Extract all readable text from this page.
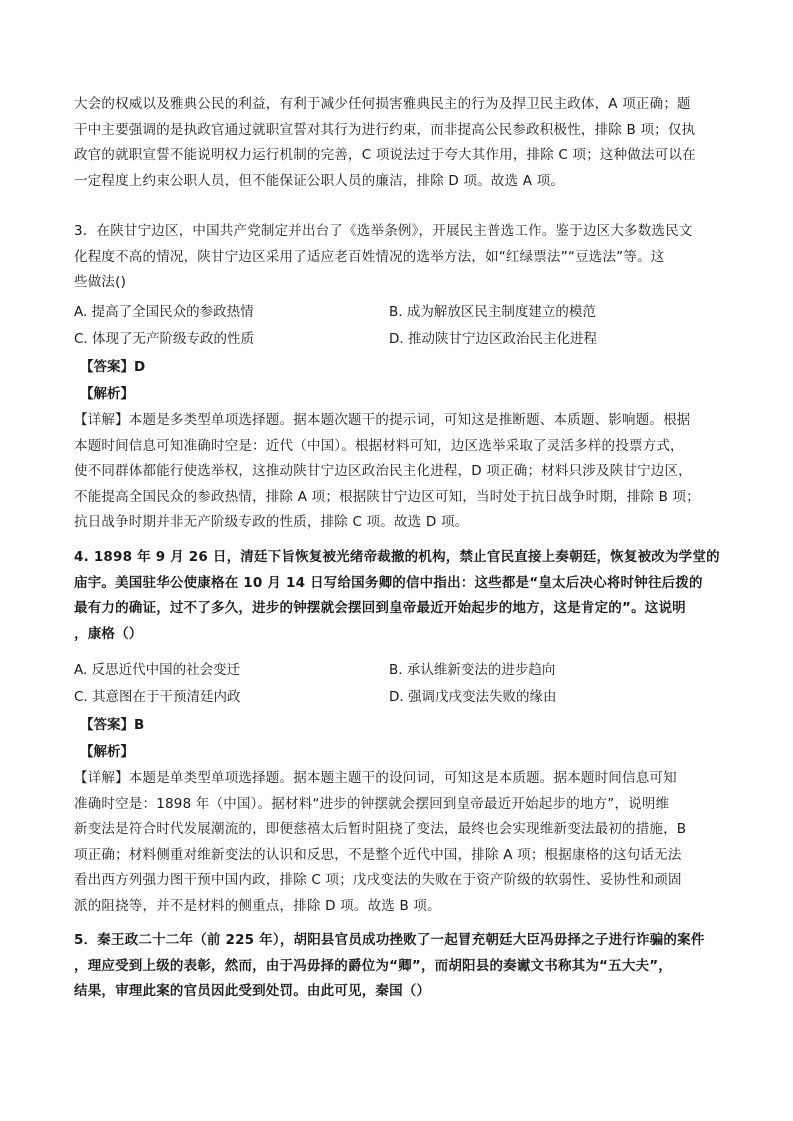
大会的权威以及雅典公民的利益，有利于减少任何损害雅典民主的行为及捍卫民主政体，A 项正确；题
干中主要强调的是执政官通过就职宣誓对其行为进行约束，而非提高公民参政积极性，排除 B 项；仅执
政官的就职宣誓不能说明权力运行机制的完善，C 项说法过于夸大其作用，排除 C 项；这种做法可以在
一定程度上约束公职人员，但不能保证公职人员的廉洁，排除 D 项。故选 A 项。
3．在陕甘宁边区，中国共产党制定并出台了《选举条例》，开展民主普选工作。鉴于边区大多数选民文
化程度不高的情况，陕甘宁边区采用了适应老百姓情况的选举方法，如“红绿票法”“豆选法”等。这
些做法()
A. 提高了全国民众的参政热情	B. 成为解放区民主制度建立的模范
C. 体现了无产阶级专政的性质	D. 推动陕甘宁边区政治民主化进程
【答案】D
【解析】
【详解】本题是多类型单项选择题。据本题次题干的提示词，可知这是推断题、本质题、影响题。根据
本题时间信息可知准确时空是：近代（中国）。根据材料可知，边区选举采取了灵活多样的投票方式，
使不同群体都能行使选举权，这推动陕甘宁边区政治民主化进程，D 项正确；材料只涉及陕甘宁边区，
不能提高全国民众的参政热情，排除 A 项；根据陕甘宁边区可知，当时处于抗日战争时期，排除 B 项；
抗日战争时期并非无产阶级专政的性质，排除 C 项。故选 D 项。
4. 1898 年 9 月 26 日，清廷下旨恢复被光绪帝裁撤的机构，禁止官民直接上奏朝廷，恢复被改为学堂的
庙宇。美国驻华公使康格在 10 月 14 日写给国务卿的信中指出：这些都是“皇太后决心将时钟往后拨的
最有力的确证，过不了多久，进步的钟摆就会摆回到皇帝最近开始起步的地方，这是肯定的”。这说明
，康格（）
A. 反思近代中国的社会变迁	B. 承认维新变法的进步趋向
C. 其意图在于干预清廷内政	D. 强调戊戌变法失败的缘由
【答案】B
【解析】
【详解】本题是单类型单项选择题。据本题主题干的设问词，可知这是本质题。据本题时间信息可知
准确时空是：1898 年（中国）。据材料“进步的钟摆就会摆回到皇帝最近开始起步的地方”，说明维
新变法是符合时代发展潮流的，即便慈禧太后暂时阻挠了变法，最终也会实现维新变法最初的措施，B
项正确；材料侧重对维新变法的认识和反思，不是整个近代中国，排除 A 项；根据康格的这句话无法
看出西方列强力图干预中国内政，排除 C 项；戊戌变法的失败在于资产阶级的软弱性、妥协性和顽固
派的阻挠等，并不是材料的侧重点，排除 D 项。故选 B 项。
5．秦王政二十二年（前 225 年），胡阳县官员成功挫败了一起冒充朝廷大臣冯毋择之子进行诈骗的案件
，理应受到上级的表彰，然而，由于冯毋择的爵位为“卿”，而胡阳县的奏谳文书称其为“五大夫”，
结果，审理此案的官员因此受到处罚。由此可见，秦国（）
